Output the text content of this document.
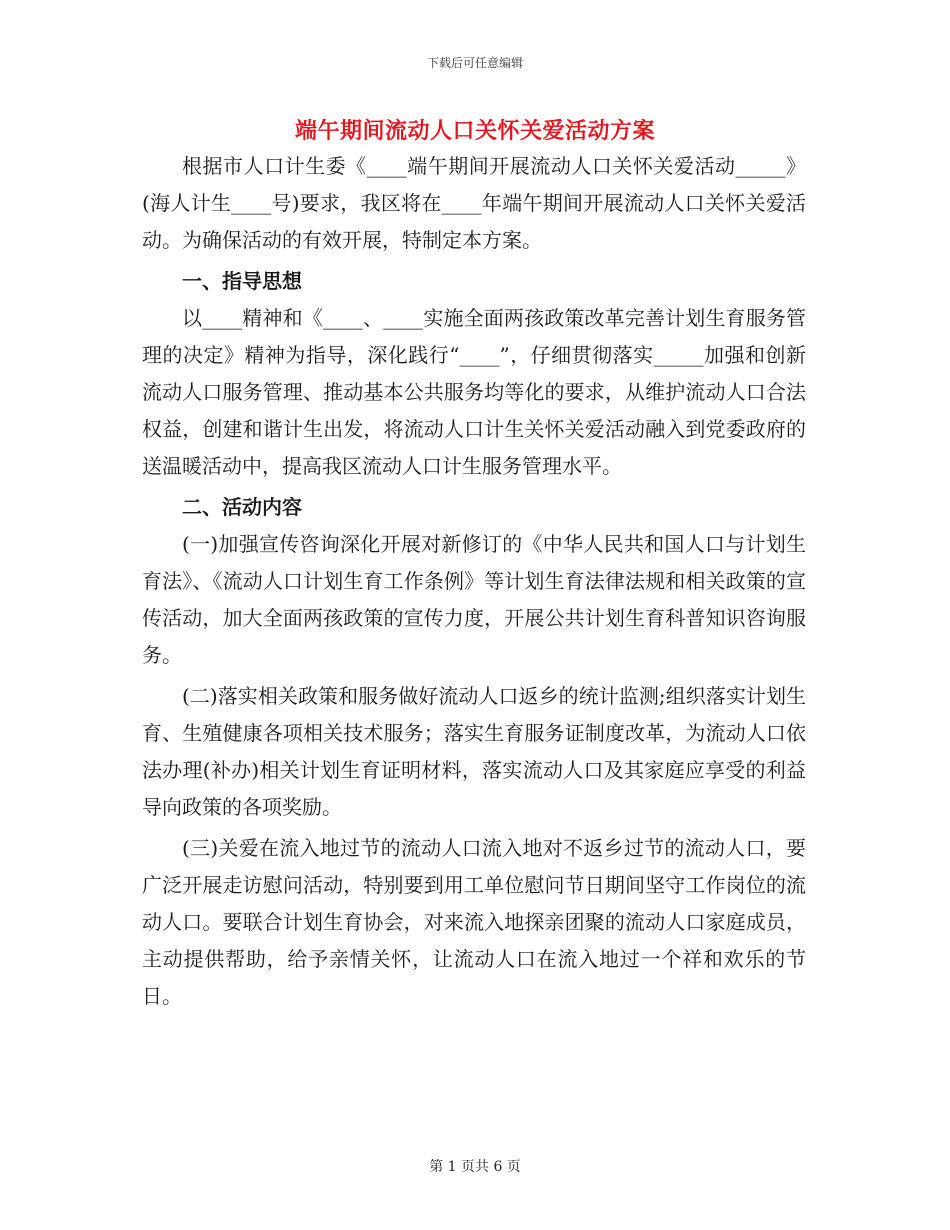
下载后可任意编辑
端午期间流动人口关怀关爱活动方案

根据市人口计生委《____端午期间开展流动人口关怀关爱活动_____》(海人计生____号)要求，我区将在____年端午期间开展流动人口关怀关爱活动。为确保活动的有效开展，特制定本方案。

一、指导思想

以____精神和《____、____实施全面两孩政策改革完善计划生育服务管理的决定》精神为指导，深化践行“____”，仔细贯彻落实_____加强和创新流动人口服务管理、推动基本公共服务均等化的要求，从维护流动人口合法权益，创建和谐计生出发，将流动人口计生关怀关爱活动融入到党委政府的送温暖活动中，提高我区流动人口计生服务管理水平。

二、活动内容

(一)加强宣传咨询深化开展对新修订的《中华人民共和国人口与计划生育法》、《流动人口计划生育工作条例》等计划生育法律法规和相关政策的宣传活动，加大全面两孩政策的宣传力度，开展公共计划生育科普知识咨询服务。

(二)落实相关政策和服务做好流动人口返乡的统计监测;组织落实计划生育、生殖健康各项相关技术服务；落实生育服务证制度改革，为流动人口依法办理(补办)相关计划生育证明材料，落实流动人口及其家庭应享受的利益导向政策的各项奖励。

(三)关爱在流入地过节的流动人口流入地对不返乡过节的流动人口，要广泛开展走访慰问活动，特别要到用工单位慰问节日期间坚守工作岗位的流动人口。要联合计划生育协会，对来流入地探亲团聚的流动人口家庭成员，主动提供帮助，给予亲情关怀，让流动人口在流入地过一个祥和欢乐的节日。

第 1 页共 6 页
